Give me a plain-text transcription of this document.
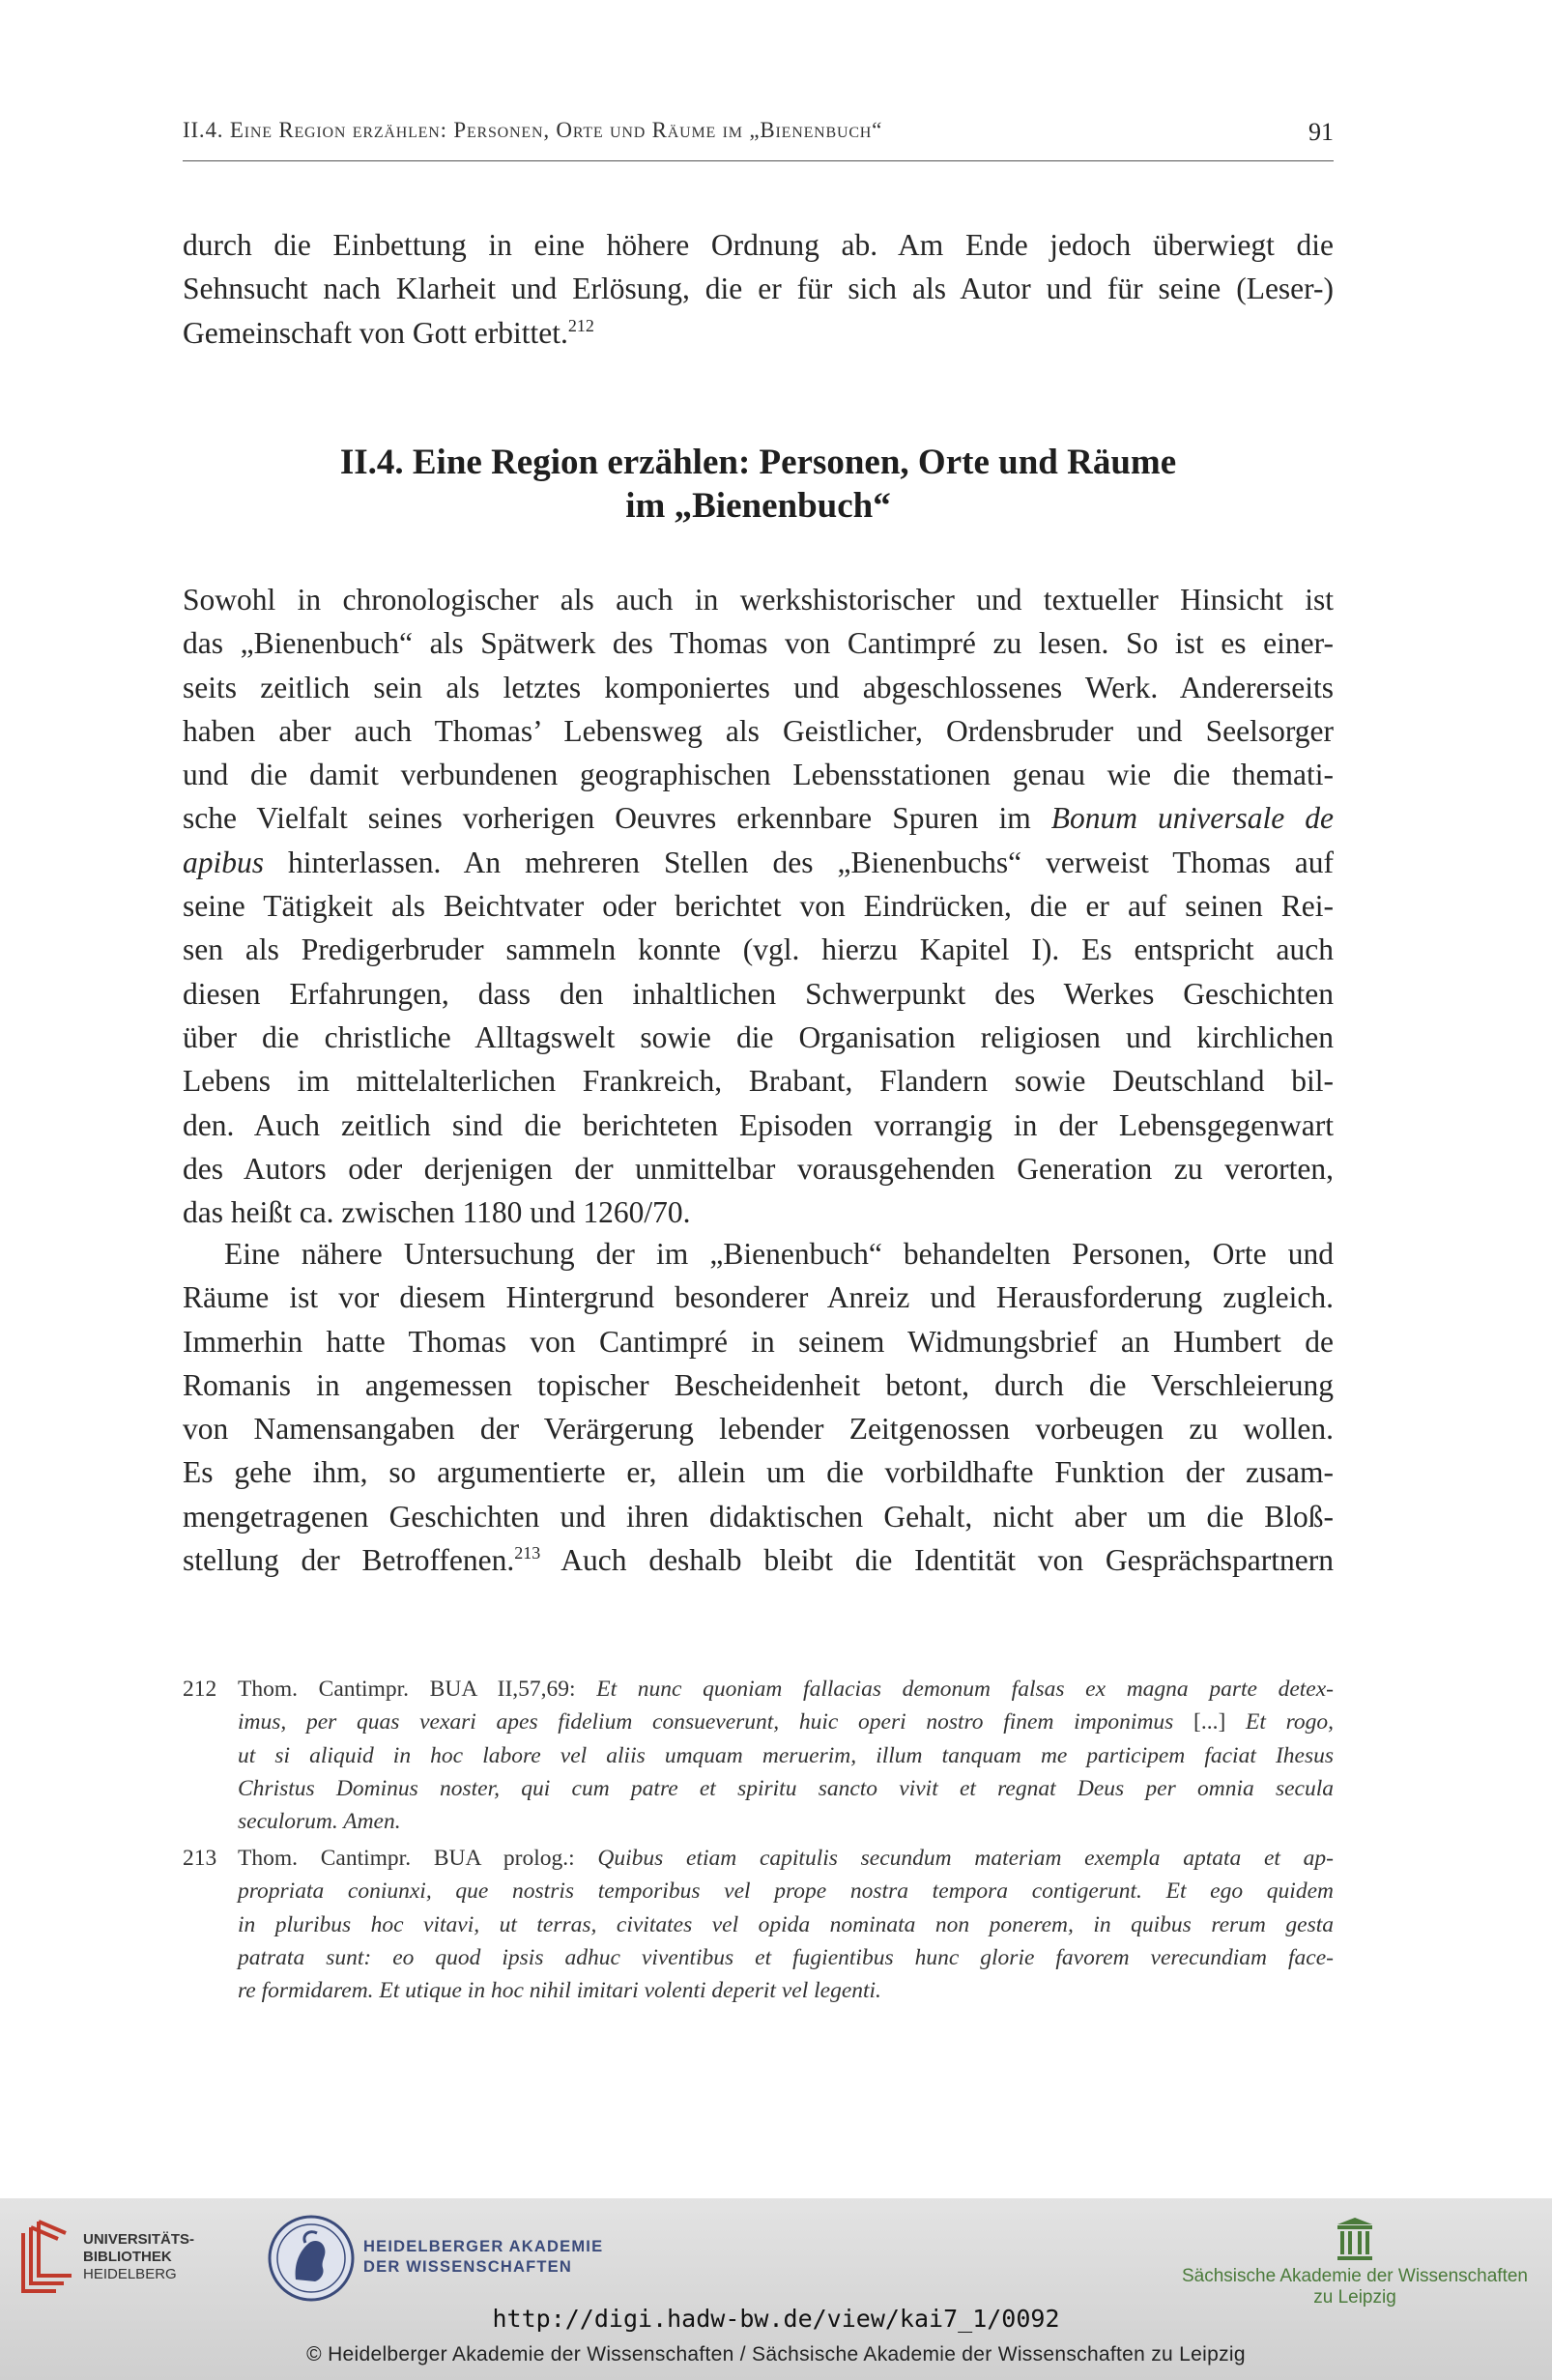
II.4. Eine Region erzählen: Personen, Orte und Räume im „Bienenbuch“	91
durch die Einbettung in eine höhere Ordnung ab. Am Ende jedoch überwiegt die
Sehnsucht nach Klarheit und Erlösung, die er für sich als Autor und für seine (Leser-)
Gemeinschaft von Gott erbittet.$^{212}$
II.4. Eine Region erzählen: Personen, Orte und Räume
im „Bienenbuch“
Sowohl in chronologischer als auch in werkshistorischer und textueller Hinsicht ist
das „Bienenbuch“ als Spätwerk des Thomas von Cantimpré zu lesen. So ist es einer-
seits zeitlich sein als letztes komponiertes und abgeschlossenes Werk. Andererseits
haben aber auch Thomas’ Lebensweg als Geistlicher, Ordensbruder und Seelsorger
und die damit verbundenen geographischen Lebensstationen genau wie die themati-
sche Vielfalt seines vorherigen Oeuvres erkennbare Spuren im Bonum universale de
apibus hinterlassen. An mehreren Stellen des „Bienenbuchs“ verweist Thomas auf
seine Tätigkeit als Beichtvater oder berichtet von Eindrücken, die er auf seinen Rei-
sen als Predigerbruder sammeln konnte (vgl. hierzu Kapitel I). Es entspricht auch
diesen Erfahrungen, dass den inhaltlichen Schwerpunkt des Werkes Geschichten
über die christliche Alltagswelt sowie die Organisation religiosen und kirchlichen
Lebens im mittelalterlichen Frankreich, Brabant, Flandern sowie Deutschland bil-
den. Auch zeitlich sind die berichteten Episoden vorrangig in der Lebensgegenwart
des Autors oder derjenigen der unmittelbar vorausgehenden Generation zu verorten,
das heißt ca. zwischen 1180 und 1260/70.
Eine nähere Untersuchung der im „Bienenbuch“ behandelten Personen, Orte und
Räume ist vor diesem Hintergrund besonderer Anreiz und Herausforderung zugleich.
Immerhin hatte Thomas von Cantimpré in seinem Widmungsbrief an Humbert de
Romanis in angemessen topischer Bescheidenheit betont, durch die Verschleierung
von Namensangaben der Verärgerung lebender Zeitgenossen vorbeugen zu wollen.
Es gehe ihm, so argumentierte er, allein um die vorbildhafte Funktion der zusam-
mengetragenen Geschichten und ihren didaktischen Gehalt, nicht aber um die Bloß-
stellung der Betroffenen.$^{213}$ Auch deshalb bleibt die Identität von Gesprächspartnern
212 Thom. Cantimpr. BUA II,57,69: Et nunc quoniam fallacias demonum falsas ex magna parte detex-
imus, per quas vexari apes fidelium consueverunt, huic operi nostro finem imponimus [...] Et rogo,
ut si aliquid in hoc labore vel aliis umquam meruerim, illum tanquam me participem faciat Ihesus
Christus Dominus noster, qui cum patre et spiritu sancto vivit et regnat Deus per omnia secula
seculorum. Amen.
213 Thom. Cantimpr. BUA prolog.: Quibus etiam capitulis secundum materiam exempla aptata et ap-
propriata coniunxi, que nostris temporibus vel prope nostra tempora contigerunt. Et ego quidem
in pluribus hoc vitavi, ut terras, civitates vel opida nominata non ponerem, in quibus rerum gesta
patrata sunt: eo quod ipsis adhuc viventibus et fugientibus hunc glorie favorem verecundiam face-
re formidarem. Et utique in hoc nihil imitari volenti deperit vel legenti.
UNIVERSITÄTS-
BIBLIOTHEK
HEIDELBERG
HEIDELBERGER AKADEMIE
DER WISSENSCHAFTEN	Sächsische Akademie der Wissenschaften
zu Leipzig
http://digi.hadw-bw.de/view/kai7_1/0092
© Heidelberger Akademie der Wissenschaften / Sächsische Akademie der Wissenschaften zu Leipzig
